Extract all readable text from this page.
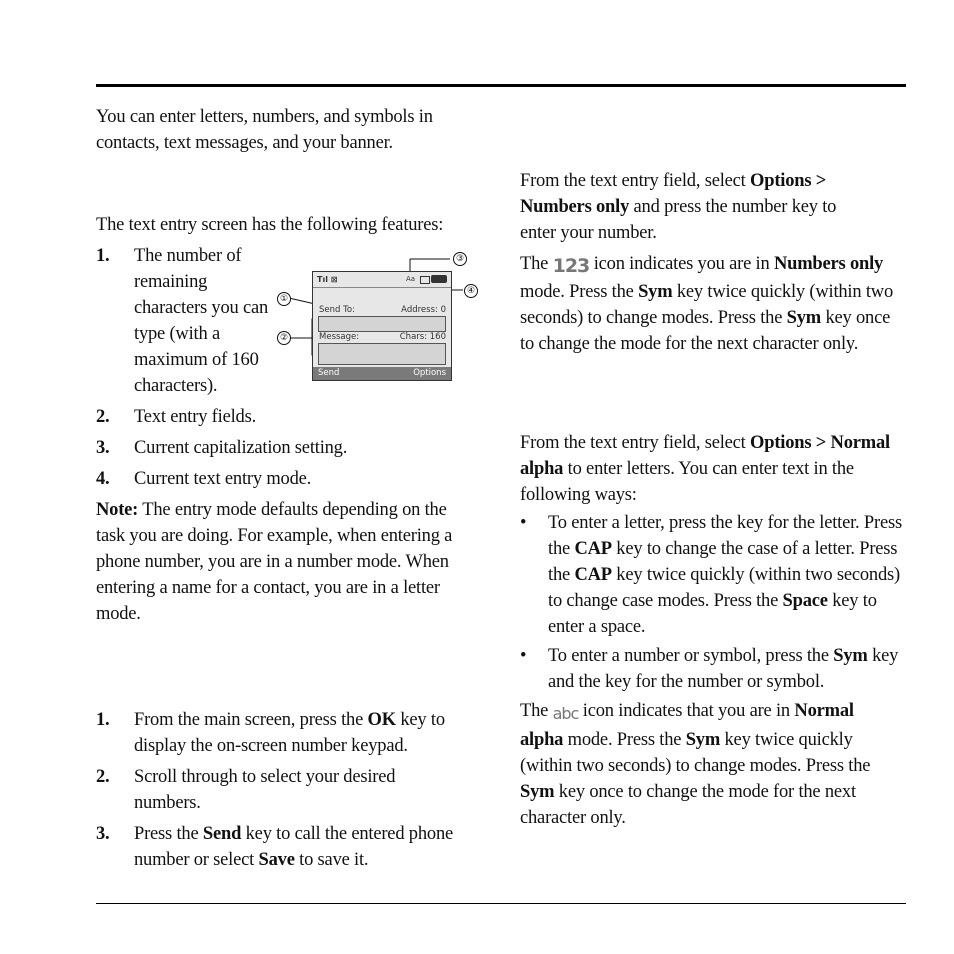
You can enter letters, numbers, and symbols in contacts, text messages, and your banner.

The text entry screen has the following features:

1. The number of remaining characters you can type (with a maximum of 160 characters).
2. Text entry fields.
3. Current capitalization setting.
4. Current text entry mode.

Note: The entry mode defaults depending on the task you are doing. For example, when entering a phone number, you are in a number mode. When entering a name for a contact, you are in a letter mode.

Tıl ⊠	Aa
Send To:	Address: 0
Message:	Chars: 160
Send	Options
①
②
③
④
1. From the main screen, press the OK key to display the on-screen number keypad.
2. Scroll through to select your desired numbers.
3. Press the Send key to call the entered phone number or select Save to save it.

From the text entry field, select Options > Numbers only and press the number key to enter your number.

The 123 icon indicates you are in Numbers only mode. Press the Sym key twice quickly (within two seconds) to change modes. Press the Sym key once to change the mode for the next character only.

From the text entry field, select Options > Normal alpha to enter letters. You can enter text in the following ways:

• To enter a letter, press the key for the letter. Press the CAP key to change the case of a letter. Press the CAP key twice quickly (within two seconds) to change case modes. Press the Space key to enter a space.
• To enter a number or symbol, press the Sym key and the key for the number or symbol.

The abc icon indicates that you are in Normal alpha mode. Press the Sym key twice quickly (within two seconds) to change modes. Press the Sym key once to change the mode for the next character only.
